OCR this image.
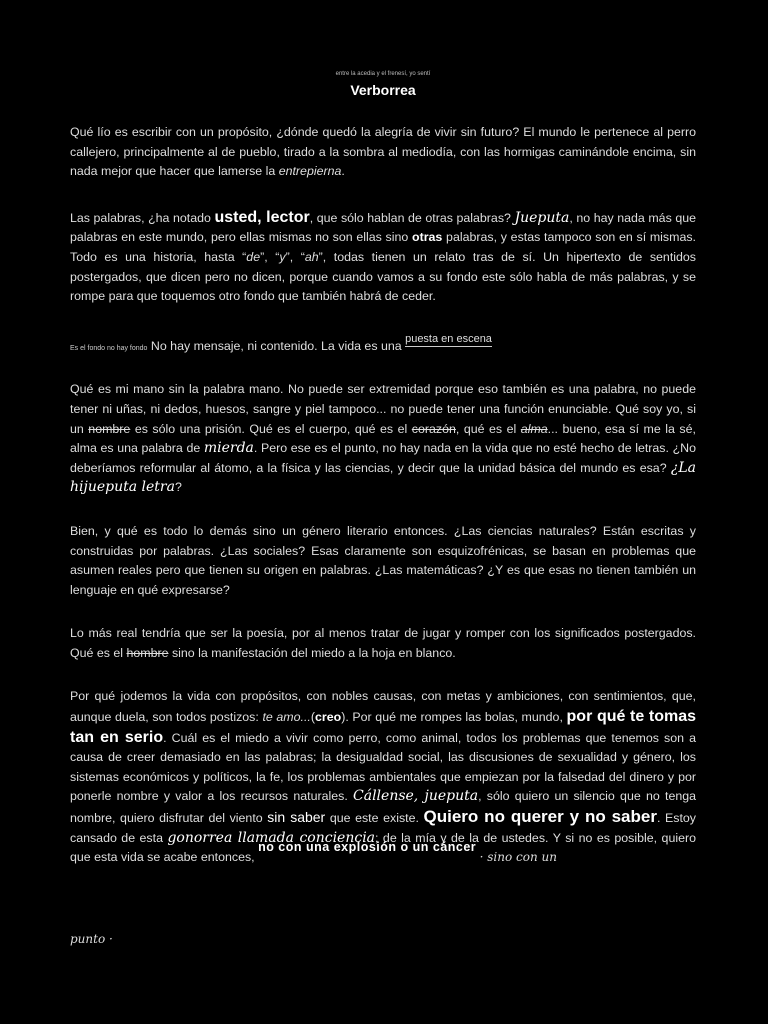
entre la acedia y el frenesí, yo sentí

Verborrea

Qué lío es escribir con un propósito, ¿dónde quedó la alegría de vivir sin futuro? El mundo le pertenece al perro callejero, principalmente al de pueblo, tirado a la sombra al mediodía, con las hormigas caminándole encima, sin nada mejor que hacer que lamerse la entrepierna.

Las palabras, ¿ha notado usted, lector, que sólo hablan de otras palabras? Jueputa, no hay nada más que palabras en este mundo, pero ellas mismas no son ellas sino otras palabras, y estas tampoco son en sí mismas. Todo es una historia, hasta “de”, “y”, “ah”, todas tienen un relato tras de sí. Un hipertexto de sentidos postergados, que dicen pero no dicen, porque cuando vamos a su fondo este sólo habla de más palabras, y se rompe para que toquemos otro fondo que también habrá de ceder.

Es el fondo no hay fondo No hay mensaje, ni contenido. La vida es una puesta en escena

Qué es mi mano sin la palabra mano. No puede ser extremidad porque eso también es una palabra, no puede tener ni uñas, ni dedos, huesos, sangre y piel tampoco... no puede tener una función enunciable. Qué soy yo, si un nombre es sólo una prisión. Qué es el cuerpo, qué es el corazón, qué es el alma... bueno, esa sí me la sé, alma es una palabra de mierda. Pero ese es el punto, no hay nada en la vida que no esté hecho de letras. ¿No deberíamos reformular al átomo, a la física y las ciencias, y decir que la unidad básica del mundo es esa? ¿La hijueputa letra?

Bien, y qué es todo lo demás sino un género literario entonces. ¿Las ciencias naturales? Están escritas y construidas por palabras. ¿Las sociales? Esas claramente son esquizofrénicas, se basan en problemas que asumen reales pero que tienen su origen en palabras. ¿Las matemáticas? ¿Y es que esas no tienen también un lenguaje en qué expresarse?

Lo más real tendría que ser la poesía, por al menos tratar de jugar y romper con los significados postergados. Qué es el hombre sino la manifestación del miedo a la hoja en blanco.

Por qué jodemos la vida con propósitos, con nobles causas, con metas y ambiciones, con sentimientos, que, aunque duela, son todos postizos: te amo...(creo). Por qué me rompes las bolas, mundo, por qué te tomas tan en serio. Cuál es el miedo a vivir como perro, como animal, todos los problemas que tenemos son a causa de creer demasiado en las palabras; la desigualdad social, las discusiones de sexualidad y género, los sistemas económicos y políticos, la fe, los problemas ambientales que empiezan por la falsedad del dinero y por ponerle nombre y valor a los recursos naturales. Cállense, jueputa, sólo quiero un silencio que no tenga nombre, quiero disfrutar del viento sin saber que este existe. Quiero no querer y no saber. Estoy cansado de esta gonorrea llamada conciencia; de la mía y de la de ustedes. Y si no es posible, quiero que esta vida se acabe entonces, no con una explosión o un cáncer · sino con un

punto ·
